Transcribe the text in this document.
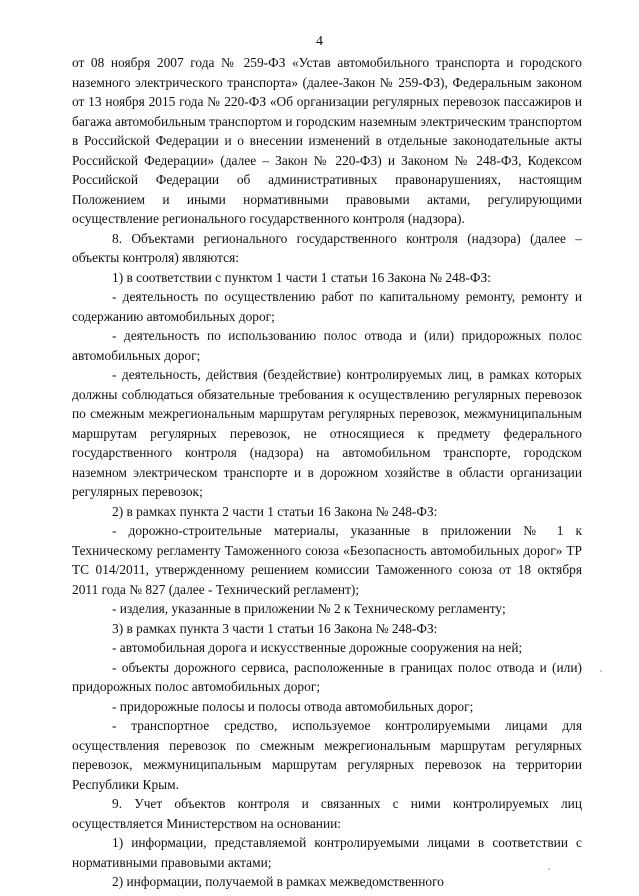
4

от 08 ноября 2007 года № 259-ФЗ «Устав автомобильного транспорта и городского наземного электрического транспорта» (далее-Закон № 259-ФЗ), Федеральным законом от 13 ноября 2015 года № 220-ФЗ «Об организации регулярных перевозок пассажиров и багажа автомобильным транспортом и городским наземным электрическим транспортом в Российской Федерации и о внесении изменений в отдельные законодательные акты Российской Федерации» (далее – Закон № 220-ФЗ) и Законом № 248-ФЗ, Кодексом Российской Федерации об административных правонарушениях, настоящим Положением и иными нормативными правовыми актами, регулирующими осуществление регионального государственного контроля (надзора).

8. Объектами регионального государственного контроля (надзора) (далее – объекты контроля) являются:

1) в соответствии с пунктом 1 части 1 статьи 16 Закона № 248-ФЗ:

- деятельность по осуществлению работ по капитальному ремонту, ремонту и содержанию автомобильных дорог;

- деятельность по использованию полос отвода и (или) придорожных полос автомобильных дорог;

- деятельность, действия (бездействие) контролируемых лиц, в рамках которых должны соблюдаться обязательные требования к осуществлению регулярных перевозок по смежным межрегиональным маршрутам регулярных перевозок, межмуниципальным маршрутам регулярных перевозок, не относящиеся к предмету федерального государственного контроля (надзора) на автомобильном транспорте, городском наземном электрическом транспорте и в дорожном хозяйстве в области организации регулярных перевозок;

2) в рамках пункта 2 части 1 статьи 16 Закона № 248-ФЗ:

- дорожно-строительные материалы, указанные в приложении № 1 к Техническому регламенту Таможенного союза «Безопасность автомобильных дорог» ТР ТС 014/2011, утвержденному решением комиссии Таможенного союза от 18 октября 2011 года № 827 (далее - Технический регламент);

- изделия, указанные в приложении № 2 к Техническому регламенту;

3) в рамках пункта 3 части 1 статьи 16 Закона № 248-ФЗ:

- автомобильная дорога и искусственные дорожные сооружения на ней;

- объекты дорожного сервиса, расположенные в границах полос отвода и (или) придорожных полос автомобильных дорог;

- придорожные полосы и полосы отвода автомобильных дорог;

- транспортное средство, используемое контролируемыми лицами для осуществления перевозок по смежным межрегиональным маршрутам регулярных перевозок, межмуниципальным маршрутам регулярных перевозок на территории Республики Крым.

9. Учет объектов контроля и связанных с ними контролируемых лиц осуществляется Министерством на основании:

1) информации, представляемой контролируемыми лицами в соответствии с нормативными правовыми актами;

2) информации, получаемой в рамках межведомственного
